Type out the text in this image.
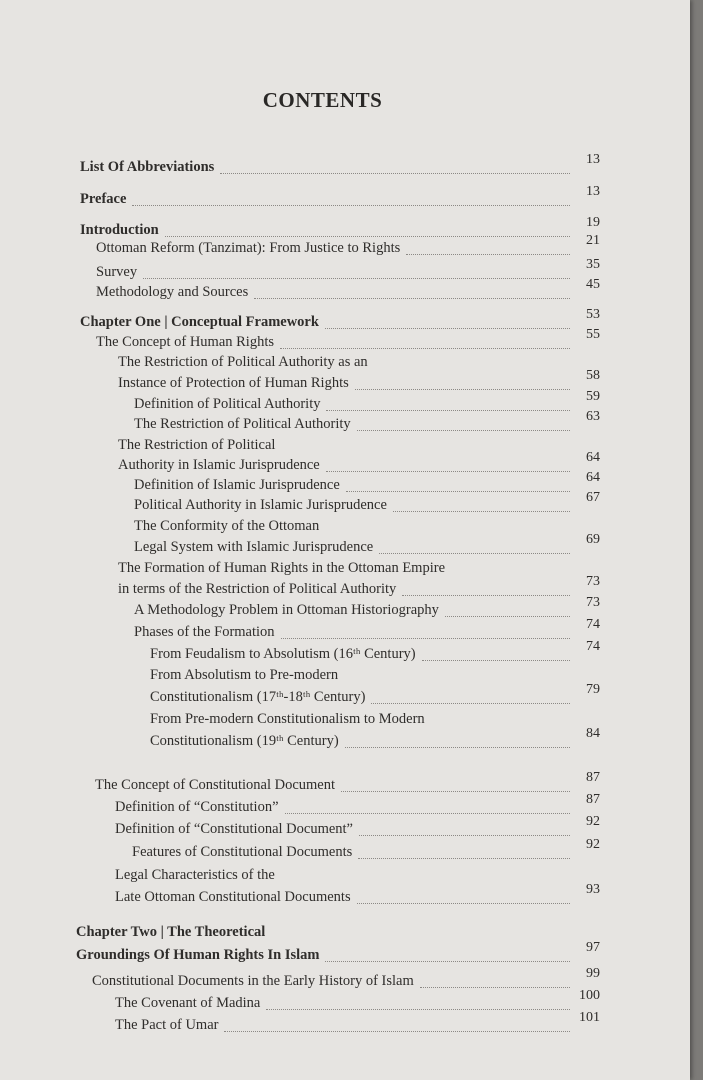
CONTENTS
List Of Abbreviations	13
Preface	13
Introduction	19
Ottoman Reform (Tanzimat): From Justice to Rights	21
Survey	35
Methodology and Sources	45
Chapter One | Conceptual Framework	53
The Concept of Human Rights	55
The Restriction of Political Authority as an
Instance of Protection of Human Rights	58
Definition of Political Authority	59
The Restriction of Political Authority	63
The Restriction of Political
Authority in Islamic Jurisprudence	64
Definition of Islamic Jurisprudence	64
Political Authority in Islamic Jurisprudence	67
The Conformity of the Ottoman
Legal System with Islamic Jurisprudence	69
The Formation of Human Rights in the Ottoman Empire
in terms of the Restriction of Political Authority	73
A Methodology Problem in Ottoman Historiography	73
Phases of the Formation	74
From Feudalism to Absolutism (16ᵗʰ Century)	74
From Absolutism to Pre-modern
Constitutionalism (17ᵗʰ-18ᵗʰ Century)	79
From Pre-modern Constitutionalism to Modern
Constitutionalism (19ᵗʰ Century)	84
The Concept of Constitutional Document	87
Definition of “Constitution”	87
Definition of “Constitutional Document”	92
Features of Constitutional Documents	92
Legal Characteristics of the
Late Ottoman Constitutional Documents	93
Chapter Two | The Theoretical
Groundings Of Human Rights In Islam	97
Constitutional Documents in the Early History of Islam	99
The Covenant of Madina	100
The Pact of Umar	101
